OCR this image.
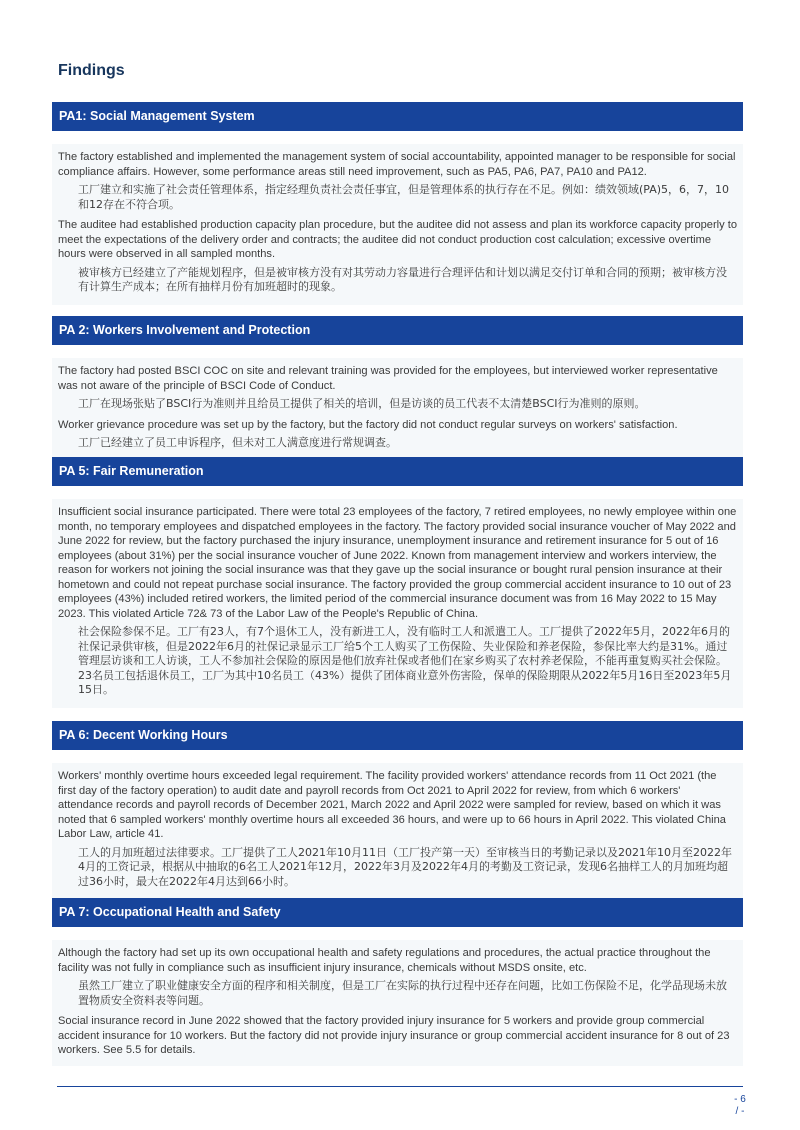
Findings
PA1: Social Management System

The factory established and implemented the management system of social accountability, appointed manager to be responsible for social compliance affairs. However, some performance areas still need improvement, such as PA5, PA6, PA7, PA10 and PA12.

工厂建立和实施了社会责任管理体系，指定经理负责社会责任事宜，但是管理体系的执行存在不足。例如：绩效领域(PA)5，6，7，10和12存在不符合项。

The auditee had established production capacity plan procedure, but the auditee did not assess and plan its workforce capacity properly to meet the expectations of the delivery order and contracts; the auditee did not conduct production cost calculation; excessive overtime hours were observed in all sampled months.

被审核方已经建立了产能规划程序，但是被审核方没有对其劳动力容量进行合理评估和计划以满足交付订单和合同的预期；被审核方没有计算生产成本；在所有抽样月份有加班超时的现象。

PA 2: Workers Involvement and Protection

The factory had posted BSCI COC on site and relevant training was provided for the employees, but interviewed worker representative was not aware of the principle of BSCI Code of Conduct.

工厂在现场张贴了BSCI行为准则并且给员工提供了相关的培训，但是访谈的员工代表不太清楚BSCI行为准则的原则。

Worker grievance procedure was set up by the factory, but the factory did not conduct regular surveys on workers' satisfaction.

工厂已经建立了员工申诉程序，但未对工人满意度进行常规调查。

PA 5: Fair Remuneration

Insufficient social insurance participated. There were total 23 employees of the factory, 7 retired employees, no newly employee within one month, no temporary employees and dispatched employees in the factory. The factory provided social insurance voucher of May 2022 and June 2022 for review, but the factory purchased the injury insurance, unemployment insurance and retirement insurance for 5 out of 16 employees (about 31%) per the social insurance voucher of June 2022. Known from management interview and workers interview, the reason for workers not joining the social insurance was that they gave up the social insurance or bought rural pension insurance at their hometown and could not repeat purchase social insurance. The factory provided the group commercial accident insurance to 10 out of 23 employees (43%) included retired workers, the limited period of the commercial insurance document was from 16 May 2022 to 15 May 2023. This violated Article 72& 73 of the Labor Law of the People's Republic of China.

社会保险参保不足。工厂有23人，有7个退休工人，没有新进工人，没有临时工人和派遣工人。工厂提供了2022年5月，2022年6月的社保记录供审核，但是2022年6月的社保记录显示工厂给5个工人购买了工伤保险、失业保险和养老保险，参保比率大约是31%。通过管理层访谈和工人访谈，工人不参加社会保险的原因是他们放弃社保或者他们在家乡购买了农村养老保险，不能再重复购买社会保险。23名员工包括退休员工，工厂为其中10名员工（43%）提供了团体商业意外伤害险，保单的保险期限从2022年5月16日至2023年5月15日。

PA 6: Decent Working Hours

Workers' monthly overtime hours exceeded legal requirement. The facility provided workers' attendance records from 11 Oct 2021 (the first day of the factory operation) to audit date and payroll records from Oct 2021 to April 2022 for review, from which 6 workers' attendance records and payroll records of December 2021, March 2022 and April 2022 were sampled for review, based on which it was noted that 6 sampled workers' monthly overtime hours all exceeded 36 hours, and were up to 66 hours in April 2022. This violated China Labor Law, article 41.

工人的月加班超过法律要求。工厂提供了工人2021年10月11日（工厂投产第一天）至审核当日的考勤记录以及2021年10月至2022年4月的工资记录，根据从中抽取的6名工人2021年12月，2022年3月及2022年4月的考勤及工资记录，发现6名抽样工人的月加班均超过36小时，最大在2022年4月达到66小时。

PA 7: Occupational Health and Safety

Although the factory had set up its own occupational health and safety regulations and procedures, the actual practice throughout the facility was not fully in compliance such as insufficient injury insurance, chemicals without MSDS onsite, etc.

虽然工厂建立了职业健康安全方面的程序和相关制度，但是工厂在实际的执行过程中还存在问题，比如工伤保险不足，化学品现场未放置物质安全资料表等问题。

Social insurance record in June 2022 showed that the factory provided injury insurance for 5 workers and provide group commercial accident insurance for 10 workers. But the factory did not provide injury insurance or group commercial accident insurance for 8 out of 23 workers. See 5.5 for details.

- 6 / -
